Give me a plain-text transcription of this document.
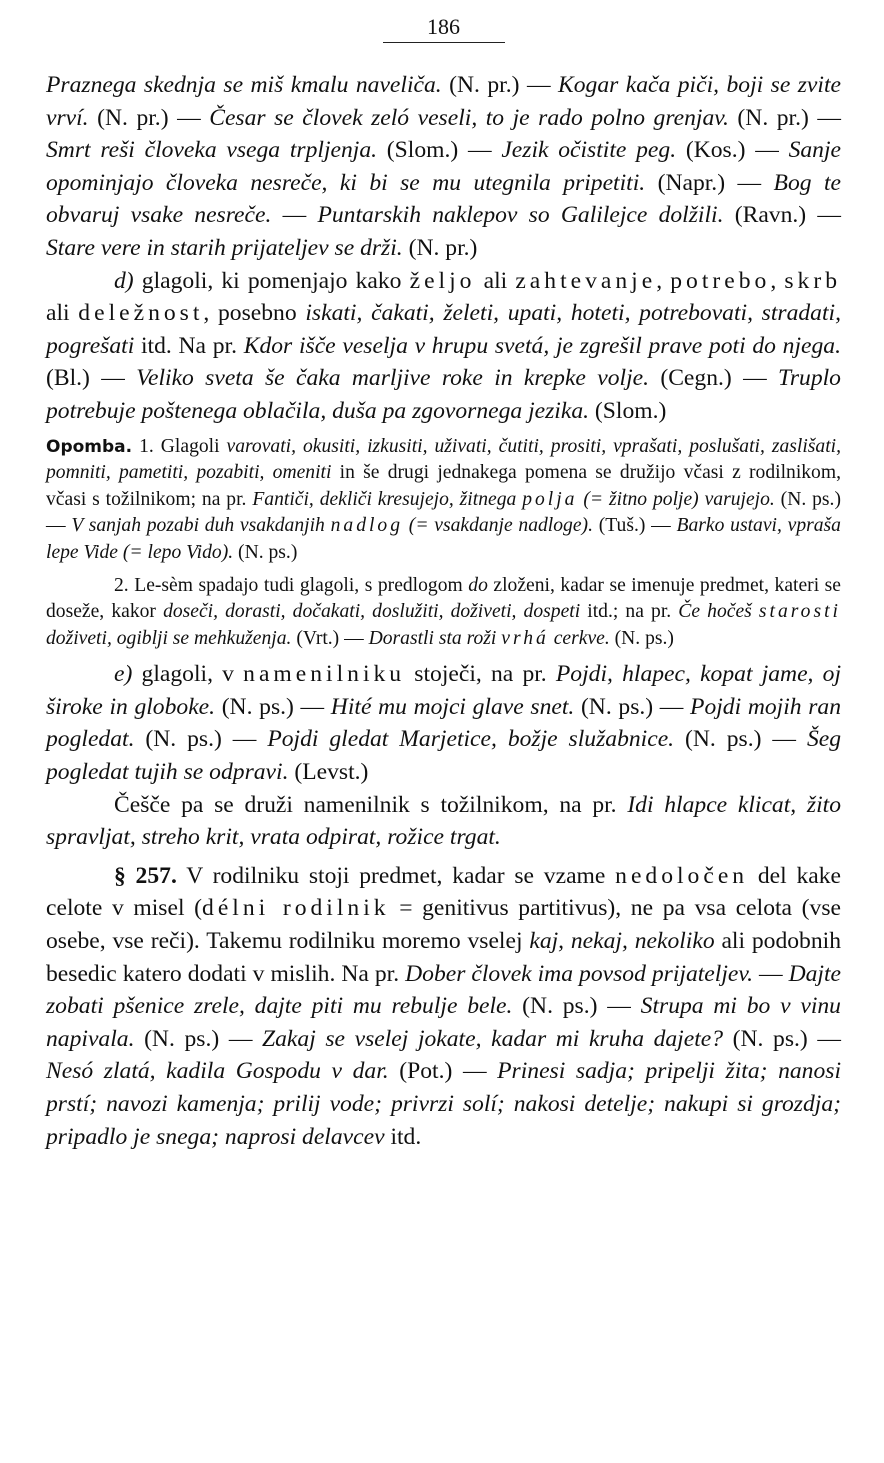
186

Praznega skednja se miš kmalu naveliča. (N. pr.) — Kogar kača piči, boji se zvite vrví. (N. pr.) — Česar se človek zeló veseli, to je rado polno grenjav. (N. pr.) — Smrt reši človeka vsega trpljenja. (Slom.) — Jezik očistite peg. (Kos.) — Sanje opominjajo človeka nesreče, ki bi se mu utegnila pripetiti. (Napr.) — Bog te obvaruj vsake nesreče. — Puntarskih naklepov so Galilejce dolžili. (Ravn.) — Stare vere in starih prijateljev se drži. (N. pr.)

d) glagoli, ki pomenjajo kako željo ali zahtevanje, potrebo, skrb ali deležnost, posebno iskati, čakati, želeti, upati, hoteti, potrebovati, stradati, pogrešati itd. Na pr. Kdor išče veselja v hrupu svetá, je zgrešil prave poti do njega. (Bl.) — Veliko sveta še čaka marljive roke in krepke volje. (Cegn.) — Truplo potrebuje poštenega oblačila, duša pa zgovornega jezika. (Slom.)

Opomba. 1. Glagoli varovati, okusiti, izkusiti, uživati, čutiti, prositi, vprašati, poslušati, zaslišati, pomniti, pametiti, pozabiti, omeniti in še drugi jednakega pomena se družijo včasi z rodilnikom, včasi s tožilnikom; na pr. Fantiči, dekliči kresujejo, žitnega polja (= žitno polje) varujejo. (N. ps.) — V sanjah pozabi duh vsakdanjih nadlog (= vsakdanje nadloge). (Tuš.) — Barko ustavi, vpraša lepe Vide (= lepo Vido). (N. ps.)

2. Le-sèm spadajo tudi glagoli, s predlogom do zloženi, kadar se imenuje predmet, kateri se doseže, kakor doseči, dorasti, dočakati, doslužiti, doživeti, dospeti itd.; na pr. Če hočeš starosti doživeti, ogiblji se mehkuženja. (Vrt.) — Dorastli sta roži vrhá cerkve. (N. ps.)

e) glagoli, v namenilniku stoječi, na pr. Pojdi, hlapec, kopat jame, oj široke in globoke. (N. ps.) — Hité mu mojci glave snet. (N. ps.) — Pojdi mojih ran pogledat. (N. ps.) — Pojdi gledat Marjetice, božje služabnice. (N. ps.) — Šeg pogledat tujih se odpravi. (Levst.)

Češče pa se druži namenilnik s tožilnikom, na pr. Idi hlapce klicat, žito spravljat, streho krit, vrata odpirat, rožice trgat.

§ 257. V rodilniku stoji predmet, kadar se vzame nedoločen del kake celote v misel (délni rodilnik = genitivus partitivus), ne pa vsa celota (vse osebe, vse reči). Takemu rodilniku moremo vselej kaj, nekaj, nekoliko ali podobnih besedic katero dodati v mislih. Na pr. Dober človek ima povsod prijateljev. — Dajte zobati pšenice zrele, dajte piti mu rebulje bele. (N. ps.) — Strupa mi bo v vinu napivala. (N. ps.) — Zakaj se vselej jokate, kadar mi kruha dajete? (N. ps.) — Nesó zlatá, kadila Gospodu v dar. (Pot.) — Prinesi sadja; pripelji žita; nanosi prstí; navozi kamenja; prilij vode; privrzi solí; nakosi detelje; nakupi si grozdja; pripadlo je snega; naprosi delavcev itd.
